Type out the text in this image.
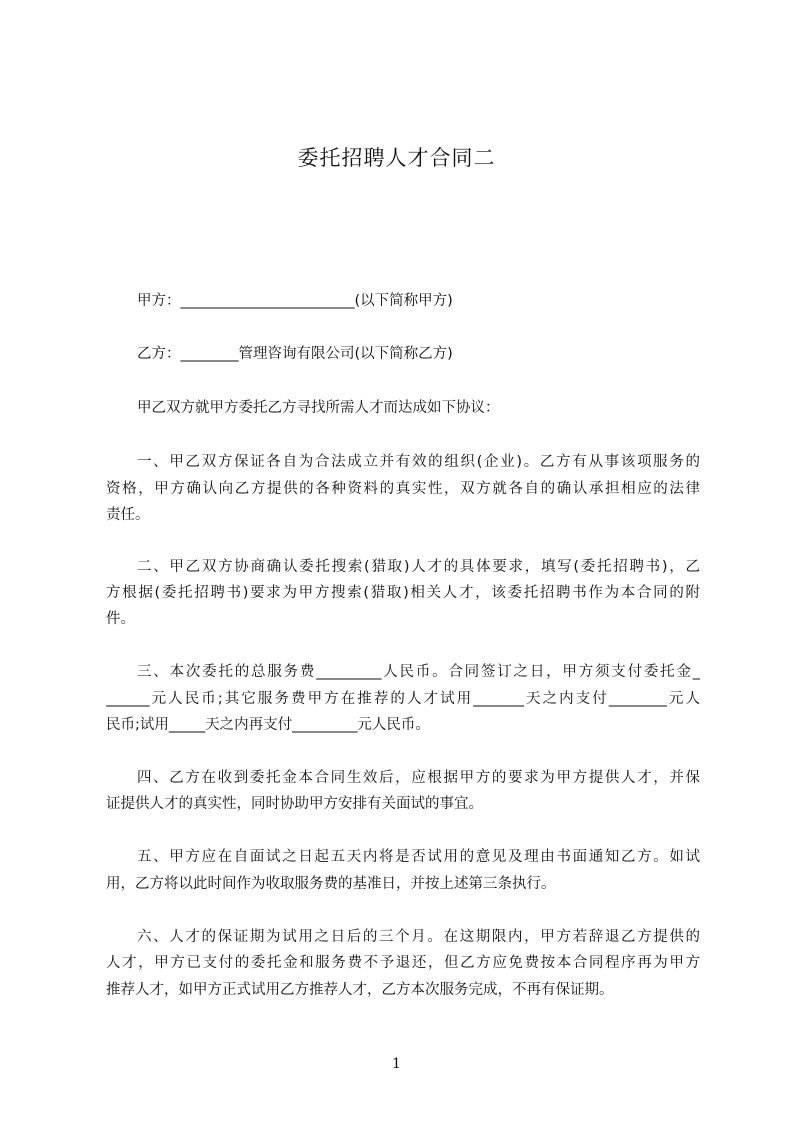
委托招聘人才合同二
甲方：________________________(以下简称甲方)
乙方：________管理咨询有限公司(以下简称乙方)
甲乙双方就甲方委托乙方寻找所需人才而达成如下协议：
一、甲乙双方保证各自为合法成立并有效的组织(企业)。乙方有从事该项服务的
资格，甲方确认向乙方提供的各种资料的真实性，双方就各自的确认承担相应的法律
责任。
二、甲乙双方协商确认委托搜索(猎取)人才的具体要求，填写(委托招聘书)，乙
方根据(委托招聘书)要求为甲方搜索(猎取)相关人才，该委托招聘书作为本合同的附
件。
三、本次委托的总服务费_________人民币。合同签订之日，甲方须支付委托金_
______元人民币;其它服务费甲方在推荐的人才试用_______天之内支付________元人
民币;试用_____天之内再支付_________元人民币。
四、乙方在收到委托金本合同生效后，应根据甲方的要求为甲方提供人才，并保
证提供人才的真实性，同时协助甲方安排有关面试的事宜。
五、甲方应在自面试之日起五天内将是否试用的意见及理由书面通知乙方。如试
用，乙方将以此时间作为收取服务费的基准日，并按上述第三条执行。
六、人才的保证期为试用之日后的三个月。在这期限内，甲方若辞退乙方提供的
人才，甲方已支付的委托金和服务费不予退还，但乙方应免费按本合同程序再为甲方
推荐人才，如甲方正式试用乙方推荐人才，乙方本次服务完成，不再有保证期。
1
